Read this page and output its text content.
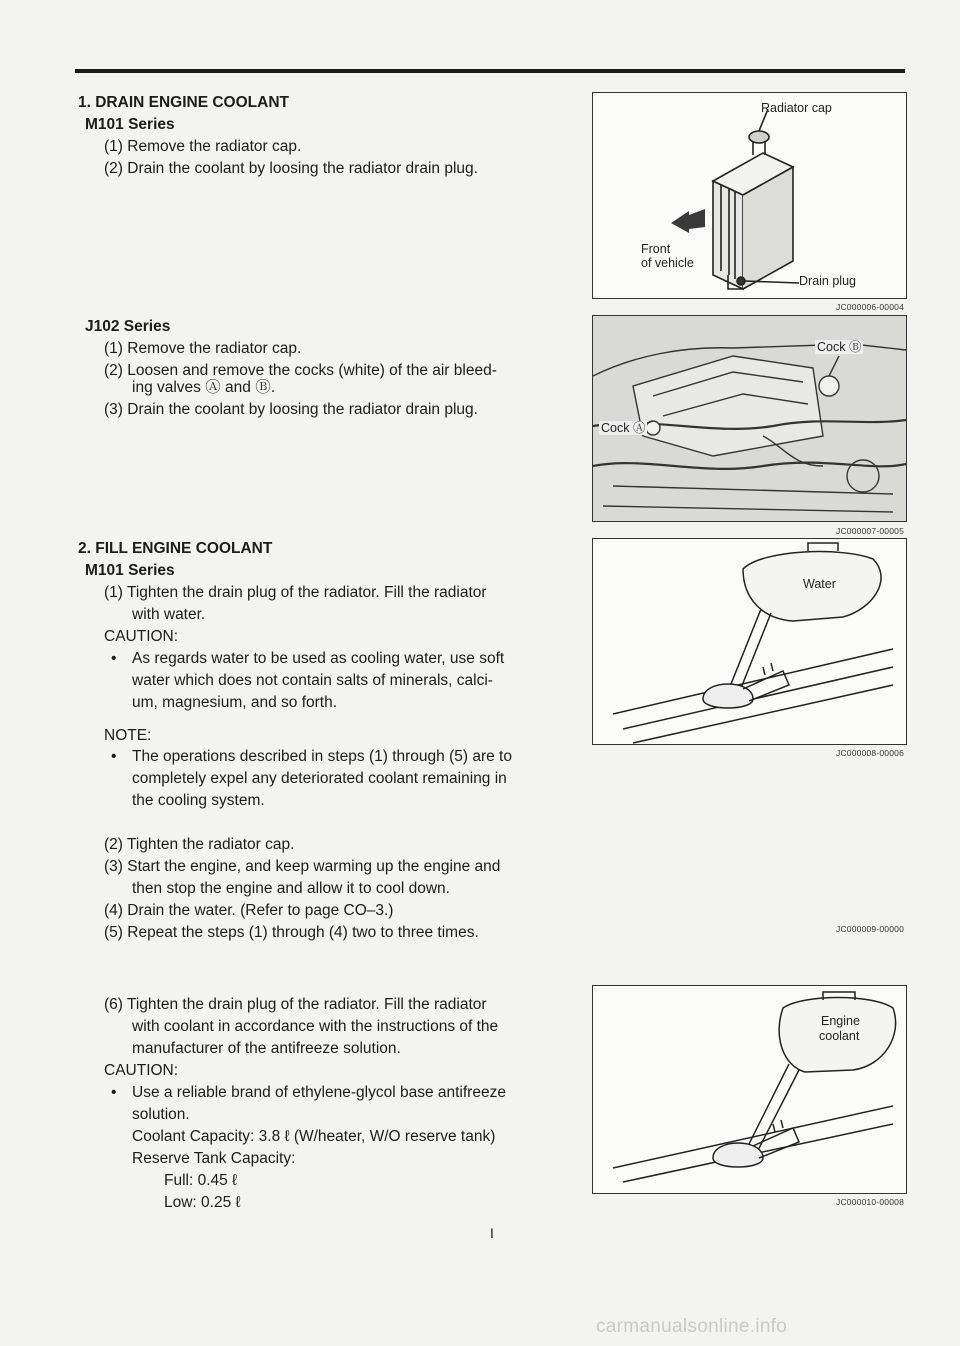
1. DRAIN ENGINE COOLANT
M101 Series
(1) Remove the radiator cap.
(2) Drain the coolant by loosing the radiator drain plug.
J102 Series
(1) Remove the radiator cap.
(2) Loosen and remove the cocks (white) of the air bleed-
ing valves Ⓐ and Ⓑ.
(3) Drain the coolant by loosing the radiator drain plug.
2. FILL ENGINE COOLANT
M101 Series
(1) Tighten the drain plug of the radiator. Fill the radiator
with water.
CAUTION:
• As regards water to be used as cooling water, use soft
water which does not contain salts of minerals, calci-
um, magnesium, and so forth.
NOTE:
• The operations described in steps (1) through (5) are to
completely expel any deteriorated coolant remaining in
the cooling system.
(2) Tighten the radiator cap.
(3) Start the engine, and keep warming up the engine and
then stop the engine and allow it to cool down.
(4) Drain the water. (Refer to page CO–3.)
(5) Repeat the steps (1) through (4) two to three times.
(6) Tighten the drain plug of the radiator. Fill the radiator
with coolant in accordance with the instructions of the
manufacturer of the antifreeze solution.
CAUTION:
• Use a reliable brand of ethylene-glycol base antifreeze
solution.
Coolant Capacity: 3.8 ℓ (W/heater, W/O reserve tank)
Reserve Tank Capacity:
Full: 0.45 ℓ
Low: 0.25 ℓ
Radiator cap
Front
of vehicle
Drain plug
JC000006-00004
Cock Ⓑ
Cock Ⓐ
JC000007-00005
Water
JC000008-00006
JC000009-00000
Engine
coolant
JC000010-00008
I
carmanualsonline.info
